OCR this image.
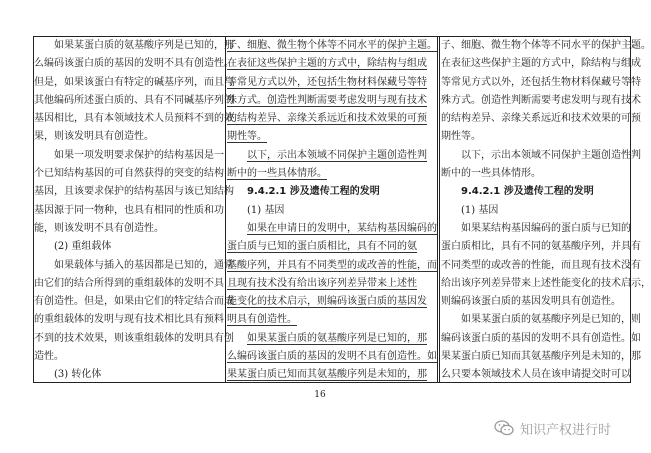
如果某蛋白质的氨基酸序列是已知的，那
么编码该蛋白质的基因的发明不具有创造性。
但是，如果该蛋白有特定的碱基序列，而且与
其他编码所述蛋白质的、具有不同碱基序列的
基因相比，具有本领域技术人员预料不到的效
果，则该发明具有创造性。
如果一项发明要求保护的结构基因是一
个已知结构基因的可自然获得的突变的结构
基因，且该要求保护的结构基因与该已知结构
基因源于同一物种，也具有相同的性质和功
能，则该发明不具有创造性。
(2) 重组载体
如果载体与插入的基因都是已知的，通常
由它们的结合所得到的重组载体的发明不具
有创造性。但是，如果由它们的特定结合而成
的重组载体的发明与现有技术相比具有预料
不到的技术效果，则该重组载体的发明具有创
造性。
(3) 转化体
子、细胞、微生物个体等不同水平的保护主题。
在表征这些保护主题的方式中，除结构与组成
等常见方式以外，还包括生物材料保藏号等特
殊方式。创造性判断需要考虑发明与现有技术
的结构差异、亲缘关系远近和技术效果的可预
期性等。
以下，示出本领域不同保护主题创造性判
断中的一些具体情形。
9.4.2.1 涉及遗传工程的发明
(1) 基因
如果在申请日的发明中，某结构基因编码的
蛋白质与已知的蛋白质相比，具有不同的氨
基酸序列，并具有不同类型的或改善的性能，而
且现有技术没有给出该序列差异带来上述性
能变化的技术启示，则编码该蛋白质的基因发
明具有创造性。
如果某蛋白质的氨基酸序列是已知的，那
么编码该蛋白质的基因的发明不具有创造性。如
果某蛋白质已知而其氨基酸序列是未知的，那
子、细胞、微生物个体等不同水平的保护主题。
在表征这些保护主题的方式中，除结构与组成
等常见方式以外，还包括生物材料保藏号等特
殊方式。创造性判断需要考虑发明与现有技术
的结构差异、亲缘关系远近和技术效果的可预
期性等。
以下，示出本领域不同保护主题创造性判
断中的一些具体情形。
9.4.2.1 涉及遗传工程的发明
(1) 基因
如果某结构基因编码的蛋白质与已知的
蛋白质相比，具有不同的氨基酸序列，并具有
不同类型的或改善的性能，而且现有技术没有
给出该序列差异带来上述性能变化的技术启示，
则编码该蛋白质的基因发明具有创造性。
如果某蛋白质的氨基酸序列是已知的，则
编码该蛋白质的基因的发明不具有创造性。如
果某蛋白质已知而其氨基酸序列是未知的，那
么只要本领域技术人员在该申请提交时可以
16
知识产权进行时
